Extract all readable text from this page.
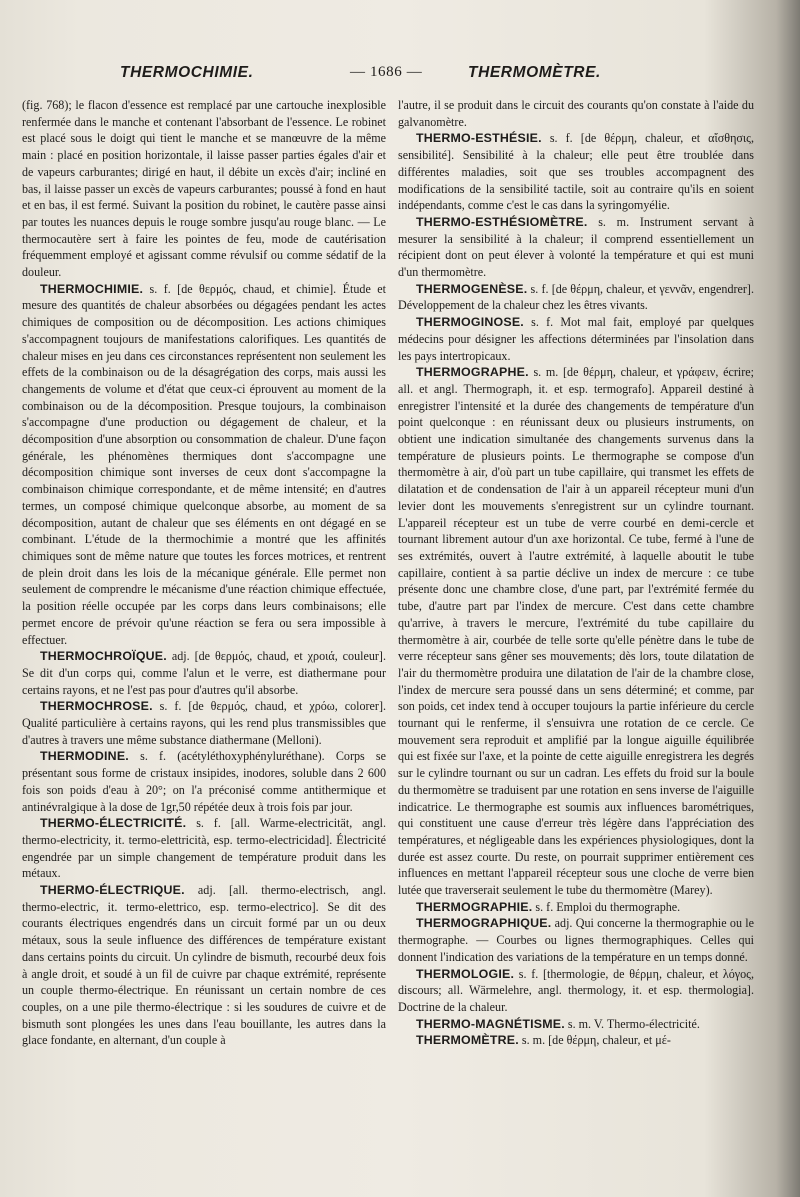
THERMOCHIMIE.	— 1686 —	THERMOMÈTRE.

(fig. 768); le flacon d'essence est remplacé par une cartouche inexplosible renfermée dans le manche et contenant l'absorbant de l'essence. Le robinet est placé sous le doigt qui tient le manche et se manœuvre de la même main : placé en position horizontale, il laisse passer parties égales d'air et de vapeurs carburantes; dirigé en haut, il débite un excès d'air; incliné en bas, il laisse passer un excès de vapeurs carburantes; poussé à fond en haut et en bas, il est fermé. Suivant la position du robinet, le cautère passe ainsi par toutes les nuances depuis le rouge sombre jusqu'au rouge blanc. — Le thermocautère sert à faire les pointes de feu, mode de cautérisation fréquemment employé et agissant comme révulsif ou comme sédatif de la douleur.

THERMOCHIMIE. s. f. [de θερμός, chaud, et chimie]. Étude et mesure des quantités de chaleur absorbées ou dégagées pendant les actes chimiques de composition ou de décomposition. Les actions chimiques s'accompagnent toujours de manifestations calorifiques. Les quantités de chaleur mises en jeu dans ces circonstances représentent non seulement les effets de la combinaison ou de la désagrégation des corps, mais aussi les changements de volume et d'état que ceux-ci éprouvent au moment de la combinaison ou de la décomposition. Presque toujours, la combinaison s'accompagne d'une production ou dégagement de chaleur, et la décomposition d'une absorption ou consommation de chaleur. D'une façon générale, les phénomènes thermiques dont s'accompagne une décomposition chimique sont inverses de ceux dont s'accompagne la combinaison chimique correspondante, et de même intensité; en d'autres termes, un composé chimique quelconque absorbe, au moment de sa décomposition, autant de chaleur que ses éléments en ont dégagé en se combinant. L'étude de la thermochimie a montré que les affinités chimiques sont de même nature que toutes les forces motrices, et rentrent de plein droit dans les lois de la mécanique générale. Elle permet non seulement de comprendre le mécanisme d'une réaction chimique effectuée, la position réelle occupée par les corps dans leurs combinaisons; elle permet encore de prévoir qu'une réaction se fera ou sera impossible à effectuer.

THERMOCHROÏQUE. adj. [de θερμός, chaud, et χροιά, couleur]. Se dit d'un corps qui, comme l'alun et le verre, est diathermane pour certains rayons, et ne l'est pas pour d'autres qu'il absorbe.

THERMOCHROSE. s. f. [de θερμός, chaud, et χρόω, colorer]. Qualité particulière à certains rayons, qui les rend plus transmissibles que d'autres à travers une même substance diathermane (Melloni).

THERMODINE. s. f. (acétyléthoxyphényluréthane). Corps se présentant sous forme de cristaux insipides, inodores, soluble dans 2 600 fois son poids d'eau à 20°; on l'a préconisé comme antithermique et antinévralgique à la dose de 1gr,50 répétée deux à trois fois par jour.

THERMO-ÉLECTRICITÉ. s. f. [all. Warme-electricität, angl. thermo-electricity, it. termo-elettricità, esp. termo-electricidad]. Électricité engendrée par un simple changement de température produit dans les métaux.

THERMO-ÉLECTRIQUE. adj. [all. thermo-electrisch, angl. thermo-electric, it. termo-elettrico, esp. termo-electrico]. Se dit des courants électriques engendrés dans un circuit formé par un ou deux métaux, sous la seule influence des différences de température existant dans certains points du circuit. Un cylindre de bismuth, recourbé deux fois à angle droit, et soudé à un fil de cuivre par chaque extrémité, représente un couple thermo-électrique. En réunissant un certain nombre de ces couples, on a une pile thermo-électrique : si les soudures de cuivre et de bismuth sont plongées les unes dans l'eau bouillante, les autres dans la glace fondante, en alternant, d'un couple à

l'autre, il se produit dans le circuit des courants qu'on constate à l'aide du galvanomètre.

THERMO-ESTHÉSIE. s. f. [de θέρμη, chaleur, et αἴσθησις, sensibilité]. Sensibilité à la chaleur; elle peut être troublée dans différentes maladies, soit que ses troubles accompagnent des modifications de la sensibilité tactile, soit au contraire qu'ils en soient indépendants, comme c'est le cas dans la syringomyélie.

THERMO-ESTHÉSIOMÈTRE. s. m. Instrument servant à mesurer la sensibilité à la chaleur; il comprend essentiellement un récipient dont on peut élever à volonté la température et qui est muni d'un thermomètre.

THERMOGENÈSE. s. f. [de θέρμη, chaleur, et γεννᾶν, engendrer]. Développement de la chaleur chez les êtres vivants.

THERMOGINOSE. s. f. Mot mal fait, employé par quelques médecins pour désigner les affections déterminées par l'insolation dans les pays intertropicaux.

THERMOGRAPHE. s. m. [de θέρμη, chaleur, et γράφειν, écrire; all. et angl. Thermograph, it. et esp. termografo]. Appareil destiné à enregistrer l'intensité et la durée des changements de température d'un point quelconque : en réunissant deux ou plusieurs instruments, on obtient une indication simultanée des changements survenus dans la température de plusieurs points. Le thermographe se compose d'un thermomètre à air, d'où part un tube capillaire, qui transmet les effets de dilatation et de condensation de l'air à un appareil récepteur muni d'un levier dont les mouvements s'enregistrent sur un cylindre tournant. L'appareil récepteur est un tube de verre courbé en demi-cercle et tournant librement autour d'un axe horizontal. Ce tube, fermé à l'une de ses extrémités, ouvert à l'autre extrémité, à laquelle aboutit le tube capillaire, contient à sa partie déclive un index de mercure : ce tube présente donc une chambre close, d'une part, par l'extrémité fermée du tube, d'autre part par l'index de mercure. C'est dans cette chambre qu'arrive, à travers le mercure, l'extrémité du tube capillaire du thermomètre à air, courbée de telle sorte qu'elle pénètre dans le tube de verre récepteur sans gêner ses mouvements; dès lors, toute dilatation de l'air du thermomètre produira une dilatation de l'air de la chambre close, l'index de mercure sera poussé dans un sens déterminé; et comme, par son poids, cet index tend à occuper toujours la partie inférieure du cercle tournant qui le renferme, il s'ensuivra une rotation de ce cercle. Ce mouvement sera reproduit et amplifié par la longue aiguille équilibrée qui est fixée sur l'axe, et la pointe de cette aiguille enregistrera les degrés sur le cylindre tournant ou sur un cadran. Les effets du froid sur la boule du thermomètre se traduisent par une rotation en sens inverse de l'aiguille indicatrice. Le thermographe est soumis aux influences barométriques, qui constituent une cause d'erreur très légère dans l'appréciation des températures, et négligeable dans les expériences physiologiques, dont la durée est assez courte. Du reste, on pourrait supprimer entièrement ces influences en mettant l'appareil récepteur sous une cloche de verre bien lutée que traverserait seulement le tube du thermomètre (Marey).

THERMOGRAPHIE. s. f. Emploi du thermographe.

THERMOGRAPHIQUE. adj. Qui concerne la thermographie ou le thermographe. — Courbes ou lignes thermographiques. Celles qui donnent l'indication des variations de la température en un temps donné.

THERMOLOGIE. s. f. [thermologie, de θέρμη, chaleur, et λόγος, discours; all. Wärmelehre, angl. thermology, it. et esp. thermologia]. Doctrine de la chaleur.

THERMO-MAGNÉTISME. s. m. V. Thermo-électricité.

THERMOMÈTRE. s. m. [de θέρμη, chaleur, et μέ-
